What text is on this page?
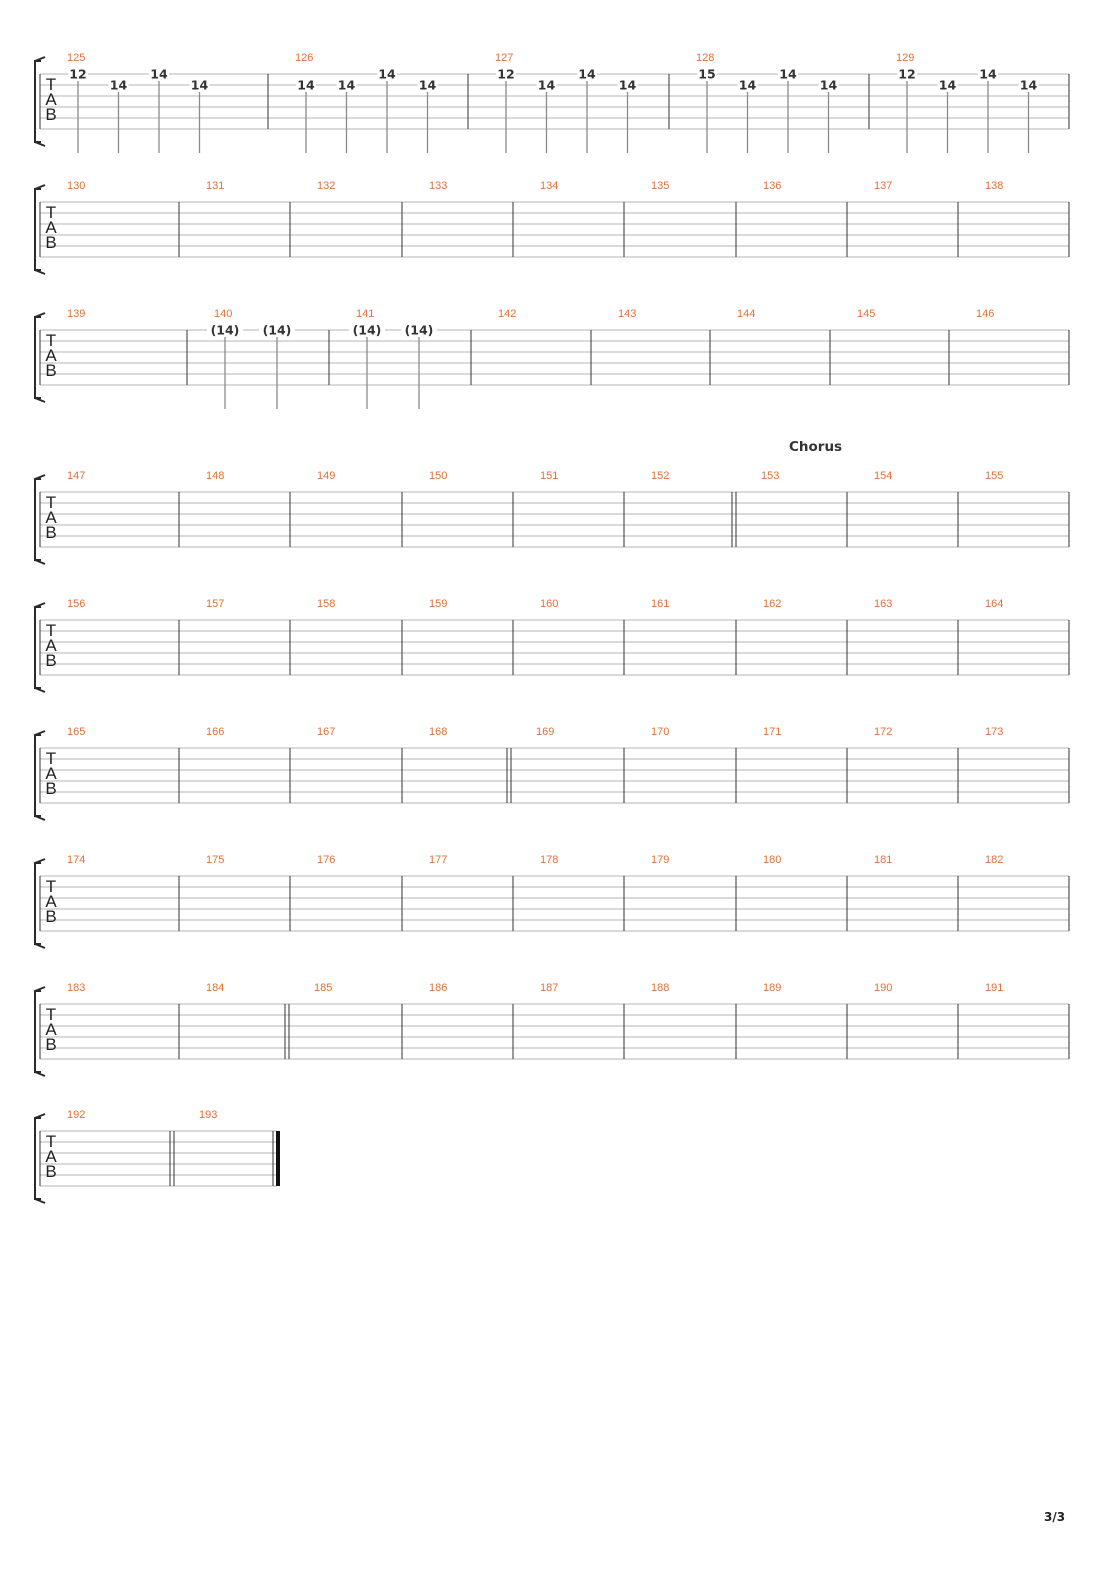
T
A
B
125
12
14
14
14
126
14 14
14
14
127
12
14
14
14
128
15
14
14
14
129
12
14
14
14
T
A
B
130	131	132	133	134	135	136	137	138
T
A
B
139	140
(14) (14)
141
(14) (14)
142	143	144	145	146
T
A
B
147	148	149	150	151	152	153	154	155
Chorus
T
A
B
156	157	158	159	160	161	162	163	164
T
A
B
165	166	167	168	169	170	171	172	173
T
A
B
174	175	176	177	178	179	180	181	182
T
A
B
183	184	185	186	187	188	189	190	191
T
A
B
192	193
3/3
